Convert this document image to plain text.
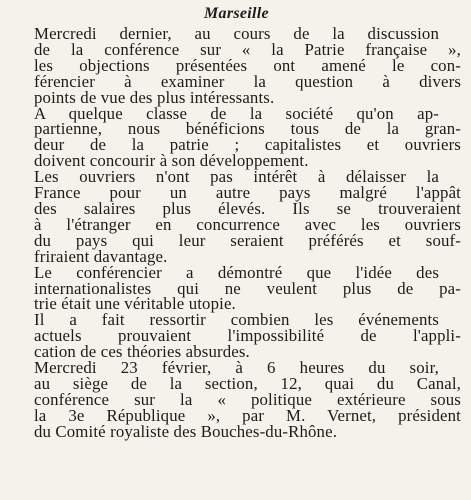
Marseille

Mercredi dernier, au cours de la discussion
de la conférence sur « la Patrie française »,
les objections présentées ont amené le con-
férencier à examiner la question à divers
points de vue des plus intéressants.

A quelque classe de la société qu'on ap-
partienne, nous bénéficions tous de la gran-
deur de la patrie ; capitalistes et ouvriers
doivent concourir à son développement.

Les ouvriers n'ont pas intérêt à délaisser la
France pour un autre pays malgré l'appât
des salaires plus élevés. Ils se trouveraient
à l'étranger en concurrence avec les ouvriers
du pays qui leur seraient préférés et souf-
friraient davantage.

Le conférencier a démontré que l'idée des
internationalistes qui ne veulent plus de pa-
trie était une véritable utopie.

Il a fait ressortir combien les événements
actuels prouvaient l'impossibilité de l'appli-
cation de ces théories absurdes.

Mercredi 23 février, à 6 heures du soir,
au siège de la section, 12, quai du Canal,
conférence sur la « politique extérieure sous
la 3e République », par M. Vernet, président
du Comité royaliste des Bouches-du-Rhône.
